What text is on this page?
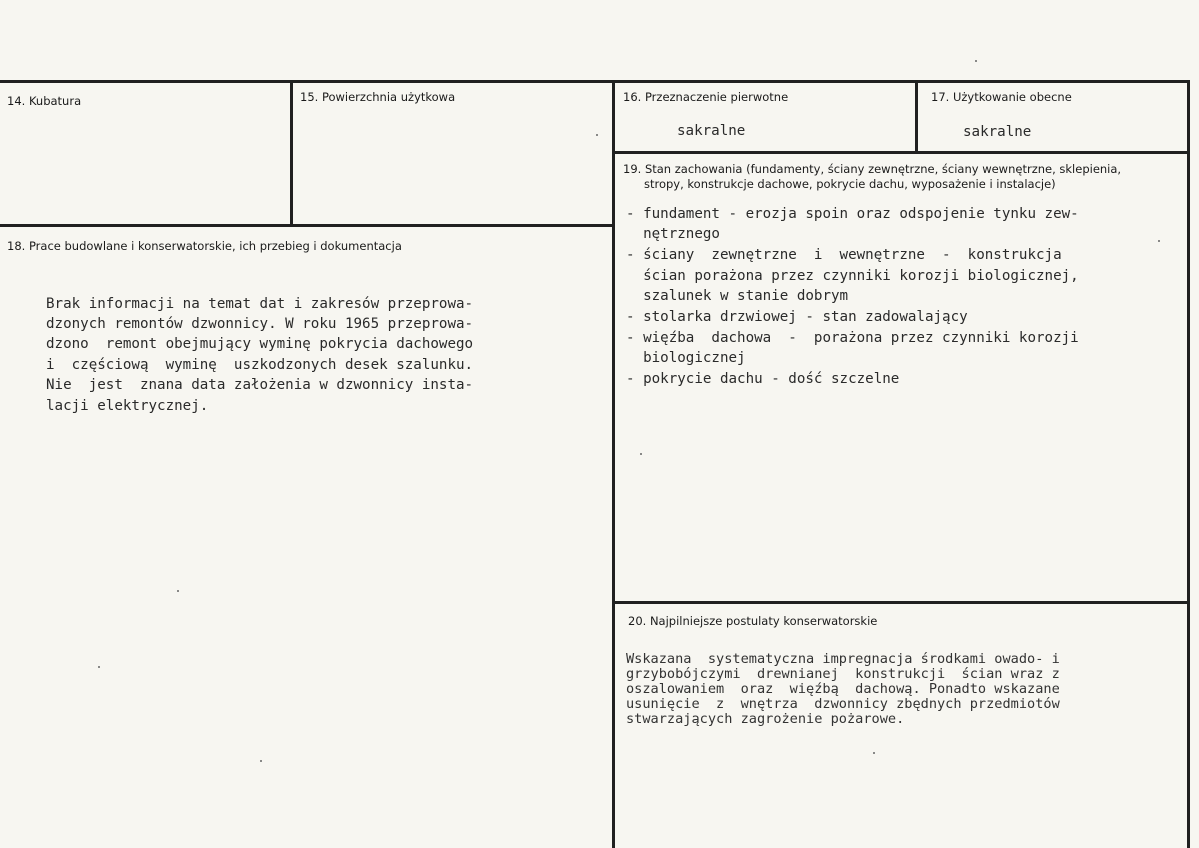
14. Kubatura	15. Powierzchnia użytkowa	16. Przeznaczenie pierwotne
sakralne
17. Użytkowanie obecne
sakralne
18. Prace budowlane i konserwatorskie, ich przebieg i dokumentacja
Brak informacji na temat dat i zakresów przeprowa-
dzonych remontów dzwonnicy. W roku 1965 przeprowa-
dzono  remont obejmujący wyminę pokrycia dachowego
i  częściową  wyminę  uszkodzonych desek szalunku.
Nie  jest  znana data założenia w dzwonnicy insta-
lacji elektrycznej.
19. Stan zachowania (fundamenty, ściany zewnętrzne, ściany wewnętrzne, sklepienia,
stropy, konstrukcje dachowe, pokrycie dachu, wyposażenie i instalacje)
- fundament - erozja spoin oraz odspojenie tynku zew-
nętrznego
- ściany  zewnętrzne  i  wewnętrzne  -  konstrukcja
ścian porażona przez czynniki korozji biologicznej,
szalunek w stanie dobrym
- stolarka drzwiowej - stan zadowalający
- więźba  dachowa  -  porażona przez czynniki korozji
biologicznej
- pokrycie dachu - dość szczelne
20. Najpilniejsze postulaty konserwatorskie
Wskazana  systematyczna impregnacja środkami owado- i
grzybobójczymi  drewnianej  konstrukcji  ścian wraz z
oszalowaniem  oraz  więźbą  dachową. Ponadto wskazane
usunięcie  z  wnętrza  dzwonnicy zbędnych przedmiotów
stwarzających zagrożenie pożarowe.
